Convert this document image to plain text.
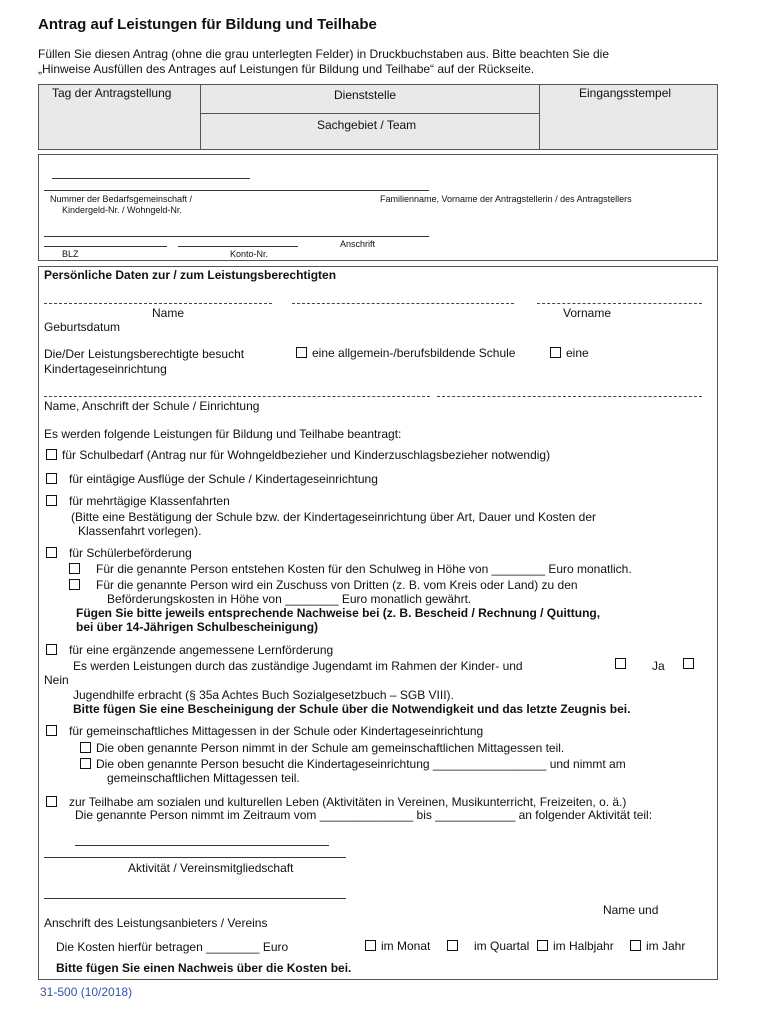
Antrag auf Leistungen für Bildung und Teilhabe
Füllen Sie diesen Antrag (ohne die grau unterlegten Felder) in Druckbuchstaben aus. Bitte beachten Sie die
„Hinweise Ausfüllen des Antrages auf Leistungen für Bildung und Teilhabe“ auf der Rückseite.
Tag der Antragstellung	Dienststelle
Sachgebiet / Team
Eingangsstempel
Nummer der Bedarfsgemeinschaft /
Kindergeld-Nr. / Wohngeld-Nr.
Familienname, Vorname der Antragstellerin / des Antragstellers
Anschrift
BLZ	Konto-Nr.
Persönliche Daten zur / zum Leistungsberechtigten
Name	Vorname
Geburtsdatum
Die/Der Leistungsberechtigte besucht
Kindertageseinrichtung
eine allgemein-/berufsbildende Schule	eine
Name, Anschrift der Schule / Einrichtung
Es werden folgende Leistungen für Bildung und Teilhabe beantragt:
für Schulbedarf (Antrag nur für Wohngeldbezieher und Kinderzuschlagsbezieher notwendig)
für eintägige Ausflüge der Schule / Kindertageseinrichtung
für mehrtägige Klassenfahrten
(Bitte eine Bestätigung der Schule bzw. der Kindertageseinrichtung über Art, Dauer und Kosten der
Klassenfahrt vorlegen).
für Schülerbeförderung
Für die genannte Person entstehen Kosten für den Schulweg in Höhe von ________ Euro monatlich.
Für die genannte Person wird ein Zuschuss von Dritten (z. B. vom Kreis oder Land) zu den
Beförderungskosten in Höhe von ________ Euro monatlich gewährt.
Fügen Sie bitte jeweils entsprechende Nachweise bei (z. B. Bescheid / Rechnung / Quittung,
bei über 14-Jährigen Schulbescheinigung)
für eine ergänzende angemessene Lernförderung
Es werden Leistungen durch das zuständige Jugendamt im Rahmen der Kinder- und	Ja
Nein
Jugendhilfe erbracht (§ 35a Achtes Buch Sozialgesetzbuch – SGB VIII).
Bitte fügen Sie eine Bescheinigung der Schule über die Notwendigkeit und das letzte Zeugnis bei.
für gemeinschaftliches Mittagessen in der Schule oder Kindertageseinrichtung
Die oben genannte Person nimmt in der Schule am gemeinschaftlichen Mittagessen teil.
Die oben genannte Person besucht die Kindertageseinrichtung _________________ und nimmt am
gemeinschaftlichen Mittagessen teil.
zur Teilhabe am sozialen und kulturellen Leben (Aktivitäten in Vereinen, Musikunterricht, Freizeiten, o. ä.)
Die genannte Person nimmt im Zeitraum vom ______________ bis ____________ an folgender Aktivität teil:
Aktivität / Vereinsmitgliedschaft
Name und
Anschrift des Leistungsanbieters / Vereins
Die Kosten hierfür betragen ________ Euro	im Monat	im Quartal	im Halbjahr	im Jahr
Bitte fügen Sie einen Nachweis über die Kosten bei.
31-500 (10/2018)
